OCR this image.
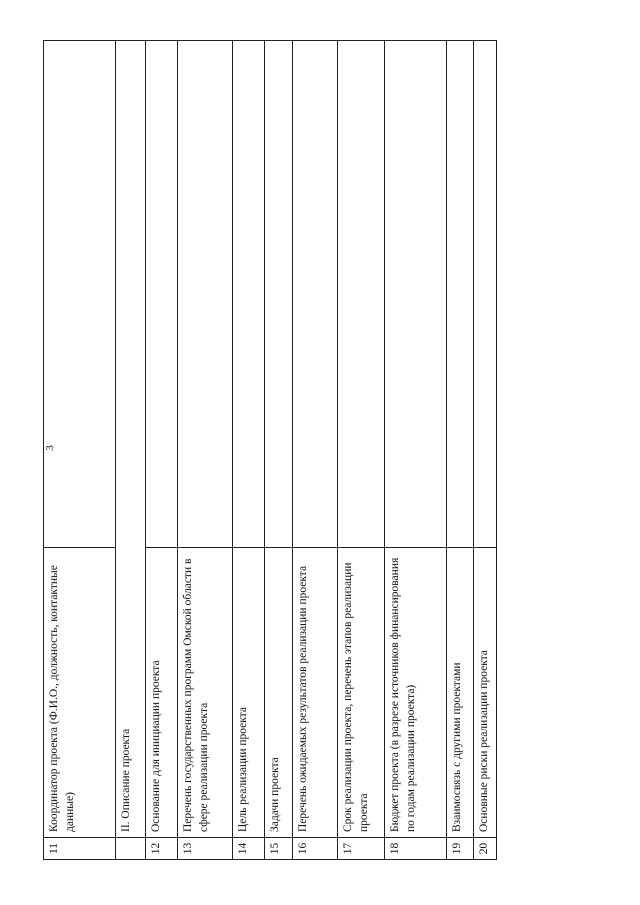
3
11	Координатор проекта (Ф.И.О., должность, контактные данные)	
	II. Описание проекта	
12	Основание для инициации проекта	
13	Перечень государственных программ Омской области в сфере реализации проекта	
14	Цель реализации проекта	
15	Задачи проекта	
16	Перечень ожидаемых результатов реализации проекта	
17	Срок реализации проекта, перечень этапов реализации проекта	
18	Бюджет проекта (в разрезе источников финансирования по годам реализации проекта)	
19	Взаимосвязь с другими проектами	
20	Основные риски реализации проекта	
